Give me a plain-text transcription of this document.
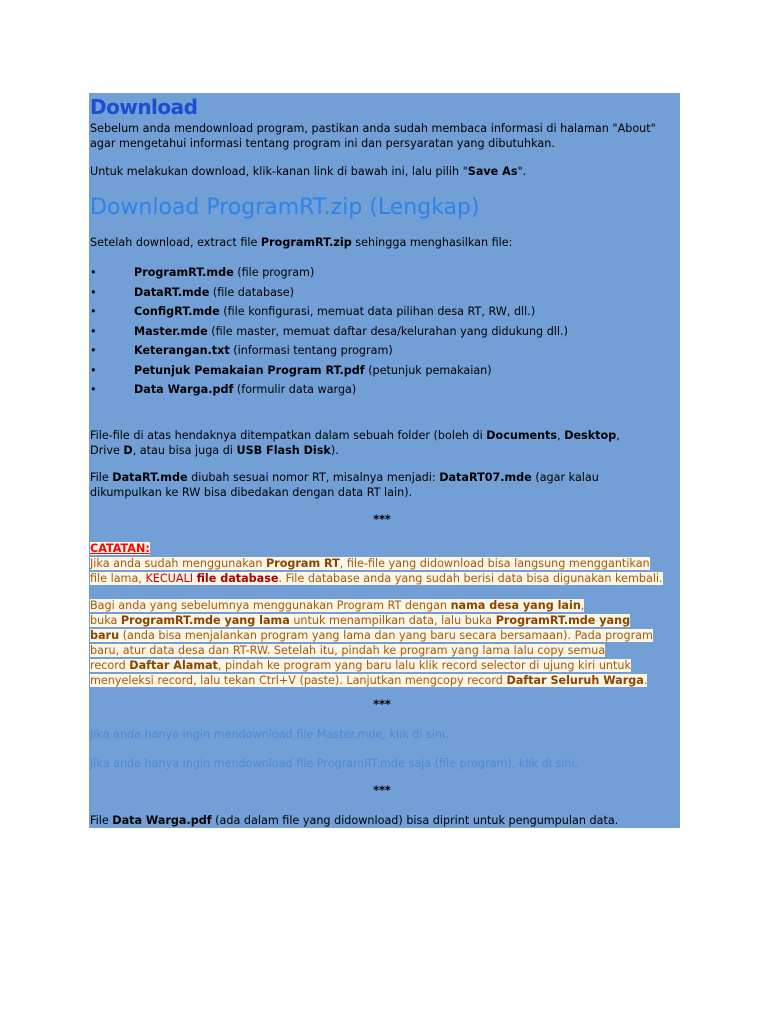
Download

Sebelum anda mendownload program, pastikan anda sudah membaca informasi di halaman "About" agar mengetahui informasi tentang program ini dan persyaratan yang dibutuhkan.

Untuk melakukan download, klik-kanan link di bawah ini, lalu pilih "Save As".

Download ProgramRT.zip (Lengkap)

Setelah download, extract file ProgramRT.zip sehingga menghasilkan file:

•	ProgramRT.mde (file program)
•	DataRT.mde (file database)
•	ConfigRT.mde (file konfigurasi, memuat data pilihan desa RT, RW, dll.)
•	Master.mde (file master, memuat daftar desa/kelurahan yang didukung dll.)
•	Keterangan.txt (informasi tentang program)
•	Petunjuk Pemakaian Program RT.pdf (petunjuk pemakaian)
•	Data Warga.pdf (formulir data warga)

File-file di atas hendaknya ditempatkan dalam sebuah folder (boleh di Documents, Desktop,
Drive D, atau bisa juga di USB Flash Disk).

File DataRT.mde diubah sesuai nomor RT, misalnya menjadi: DataRT07.mde (agar kalau
dikumpulkan ke RW bisa dibedakan dengan data RT lain).

***

CATATAN:
Jika anda sudah menggunakan Program RT, file-file yang didownload bisa langsung menggantikan
file lama, KECUALI file database. File database anda yang sudah berisi data bisa digunakan kembali.

Bagi anda yang sebelumnya menggunakan Program RT dengan nama desa yang lain,
buka ProgramRT.mde yang lama untuk menampilkan data, lalu buka ProgramRT.mde yang
baru (anda bisa menjalankan program yang lama dan yang baru secara bersamaan). Pada program
baru, atur data desa dan RT-RW. Setelah itu, pindah ke program yang lama lalu copy semua
record Daftar Alamat, pindah ke program yang baru lalu klik record selector di ujung kiri untuk
menyeleksi record, lalu tekan Ctrl+V (paste). Lanjutkan mengcopy record Daftar Seluruh Warga.

***

Jika anda hanya ingin mendownload file Master.mde, klik di sini.

Jika anda hanya ingin mendownload file ProgramRT.mde saja (file program), klik di sini.

***

File Data Warga.pdf (ada dalam file yang didownload) bisa diprint untuk pengumpulan data.
